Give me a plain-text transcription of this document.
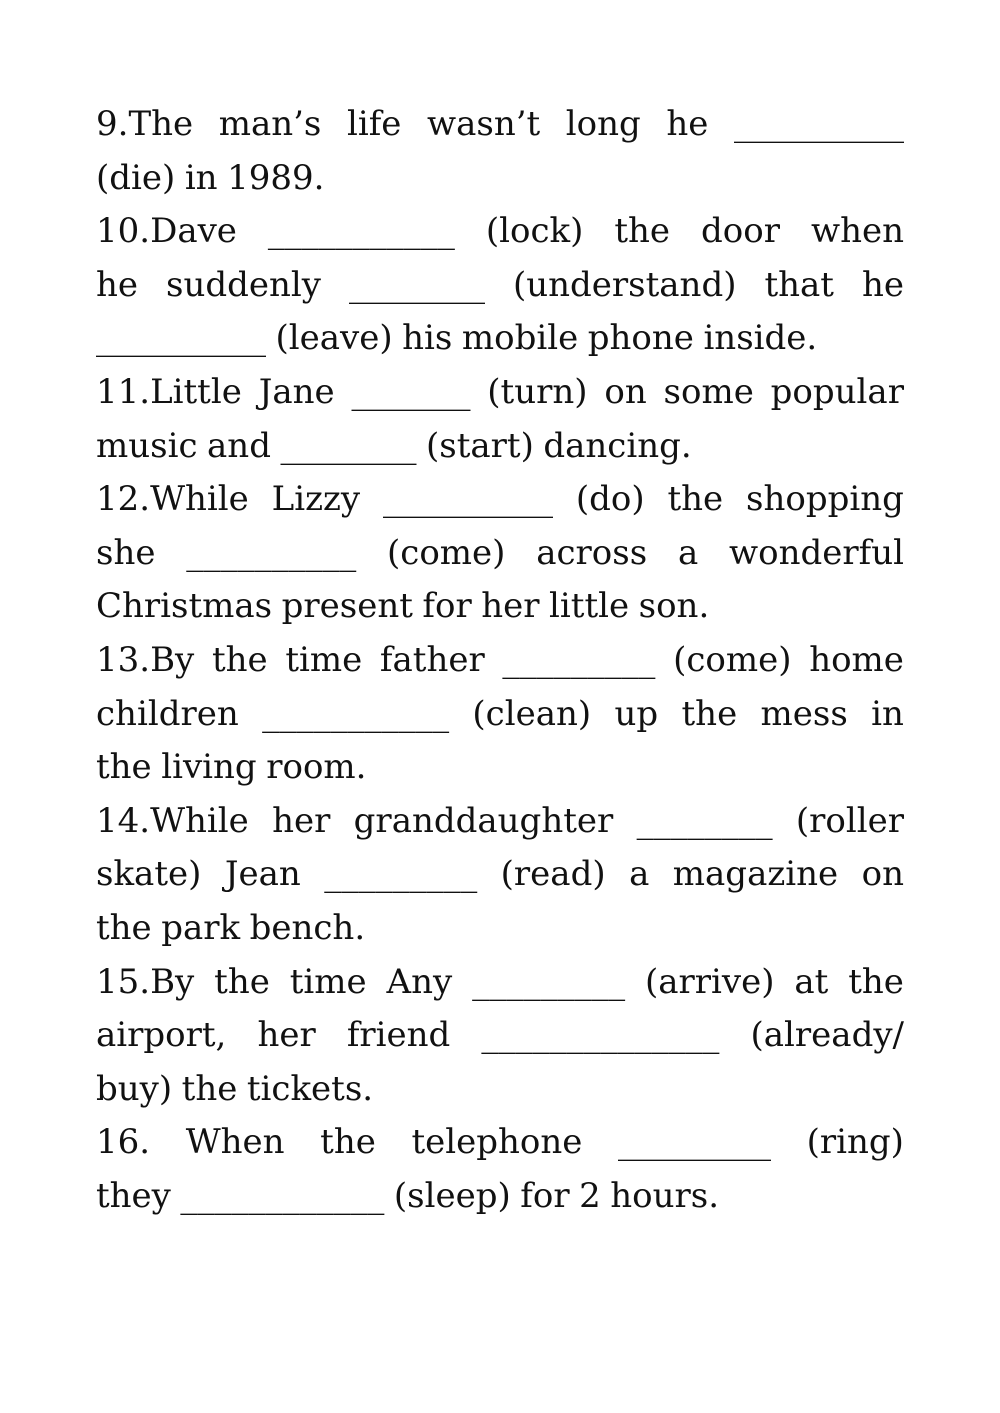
9.The man’s life wasn’t long he __________
(die) in 1989.
10.Dave ___________ (lock) the door when
he suddenly ________ (understand) that he
__________ (leave) his mobile phone inside.
11.Little Jane _______ (turn) on some popular
music and ________ (start) dancing.
12.While Lizzy __________ (do) the shopping
she __________ (come) across a wonderful
Christmas present for her little son.
13.By the time father _________ (come) home
children ___________ (clean) up the mess in
the living room.
14.While her granddaughter ________ (roller
skate) Jean _________ (read) a magazine on
the park bench.
15.By the time Any _________ (arrive) at the
airport, her friend ______________ (already/
buy) the tickets.
16. When the telephone _________ (ring)
they ____________ (sleep) for 2 hours.
